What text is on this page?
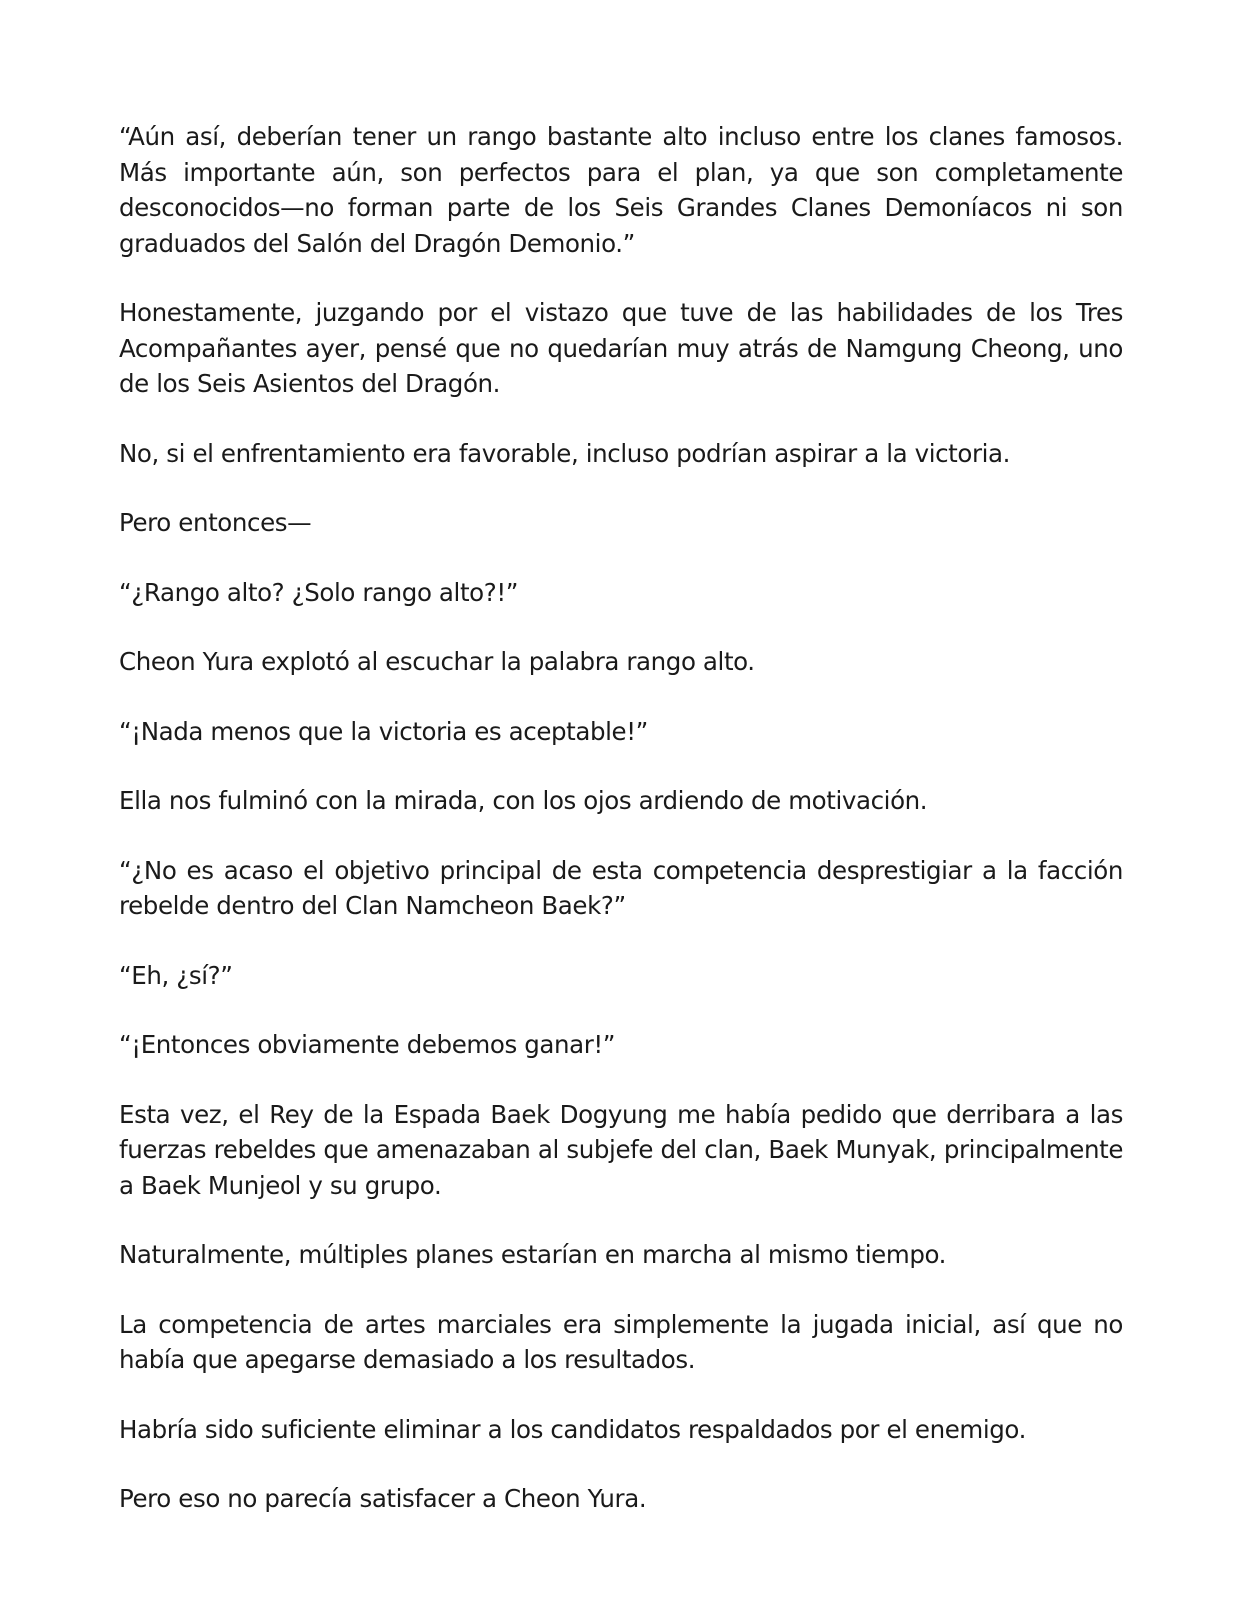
“Aún así, deberían tener un rango bastante alto incluso entre los clanes famosos. Más importante aún, son perfectos para el plan, ya que son completamente desconocidos—no forman parte de los Seis Grandes Clanes Demoníacos ni son graduados del Salón del Dragón Demonio.”

Honestamente, juzgando por el vistazo que tuve de las habilidades de los Tres Acompañantes ayer, pensé que no quedarían muy atrás de Namgung Cheong, uno de los Seis Asientos del Dragón.

No, si el enfrentamiento era favorable, incluso podrían aspirar a la victoria.

Pero entonces—

“¿Rango alto? ¿Solo rango alto?!”

Cheon Yura explotó al escuchar la palabra rango alto.

“¡Nada menos que la victoria es aceptable!”

Ella nos fulminó con la mirada, con los ojos ardiendo de motivación.

“¿No es acaso el objetivo principal de esta competencia desprestigiar a la facción rebelde dentro del Clan Namcheon Baek?”

“Eh, ¿sí?”

“¡Entonces obviamente debemos ganar!”

Esta vez, el Rey de la Espada Baek Dogyung me había pedido que derribara a las fuerzas rebeldes que amenazaban al subjefe del clan, Baek Munyak, principalmente a Baek Munjeol y su grupo.

Naturalmente, múltiples planes estarían en marcha al mismo tiempo.

La competencia de artes marciales era simplemente la jugada inicial, así que no había que apegarse demasiado a los resultados.

Habría sido suficiente eliminar a los candidatos respaldados por el enemigo.

Pero eso no parecía satisfacer a Cheon Yura.
